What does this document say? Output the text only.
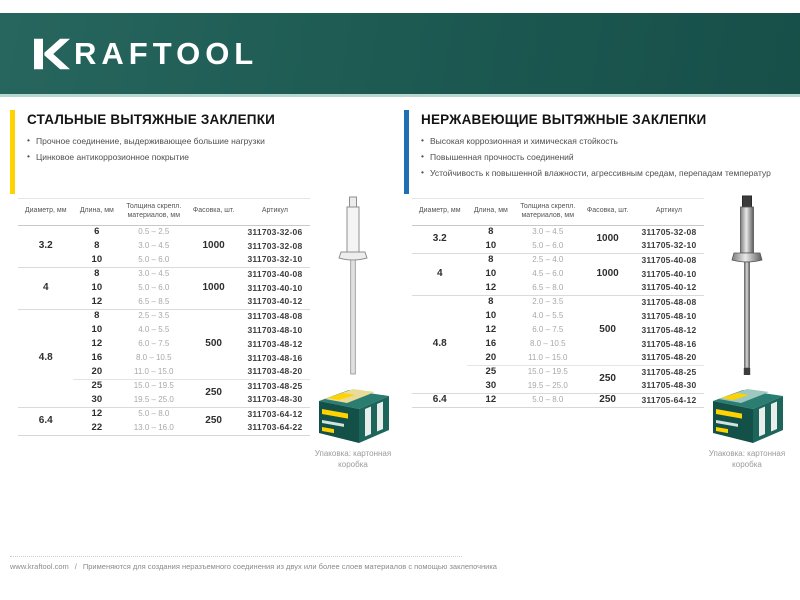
RAFTOOL
СТАЛЬНЫЕ ВЫТЯЖНЫЕ ЗАКЛЕПКИ
• Прочное соединение, выдерживающее большие нагрузки
• Цинковое антикоррозионное покрытие
Диаметр, мм	Длина, мм	Толщина скрепл. материалов, мм	Фасовка, шт.	Артикул
3.2	6	0.5 – 2.5	1000	311703-32-06
	8	3.0 – 4.5		311703-32-08
	10	5.0 – 6.0		311703-32-10
4	8	3.0 – 4.5	1000	311703-40-08
	10	5.0 – 6.0		311703-40-10
	12	6.5 – 8.5		311703-40-12
4.8	8	2.5 – 3.5	500	311703-48-08
	10	4.0 – 5.5		311703-48-10
	12	6.0 – 7.5		311703-48-12
	16	8.0 – 10.5		311703-48-16
	20	11.0 – 15.0		311703-48-20
	25	15.0 – 19.5	250	311703-48-25
	30	19.5 – 25.0		311703-48-30
6.4	12	5.0 – 8.0	250	311703-64-12
	22	13.0 – 16.0		311703-64-22
Упаковка: картонная коробка
НЕРЖАВЕЮЩИЕ ВЫТЯЖНЫЕ ЗАКЛЕПКИ
• Высокая коррозионная и химическая стойкость
• Повышенная прочность соединений
• Устойчивость к повышенной влажности, агрессивным средам, перепадам температур
Диаметр, мм	Длина, мм	Толщина скрепл. материалов, мм	Фасовка, шт.	Артикул
3.2	8	3.0 – 4.5	1000	311705-32-08
	10	5.0 – 6.0		311705-32-10
4	8	2.5 – 4.0	1000	311705-40-08
	10	4.5 – 6.0		311705-40-10
	12	6.5 – 8.0		311705-40-12
4.8	8	2.0 – 3.5	500	311705-48-08
	10	4.0 – 5.5		311705-48-10
	12	6.0 – 7.5		311705-48-12
	16	8.0 – 10.5		311705-48-16
	20	11.0 – 15.0		311705-48-20
	25	15.0 – 19.5	250	311705-48-25
	30	19.5 – 25.0		311705-48-30
6.4	12	5.0 – 8.0	250	311705-64-12
Упаковка: картонная коробка
www.kraftool.com / Применяются для создания неразъемного соединения из двух или более слоев материалов с помощью заклепочника
